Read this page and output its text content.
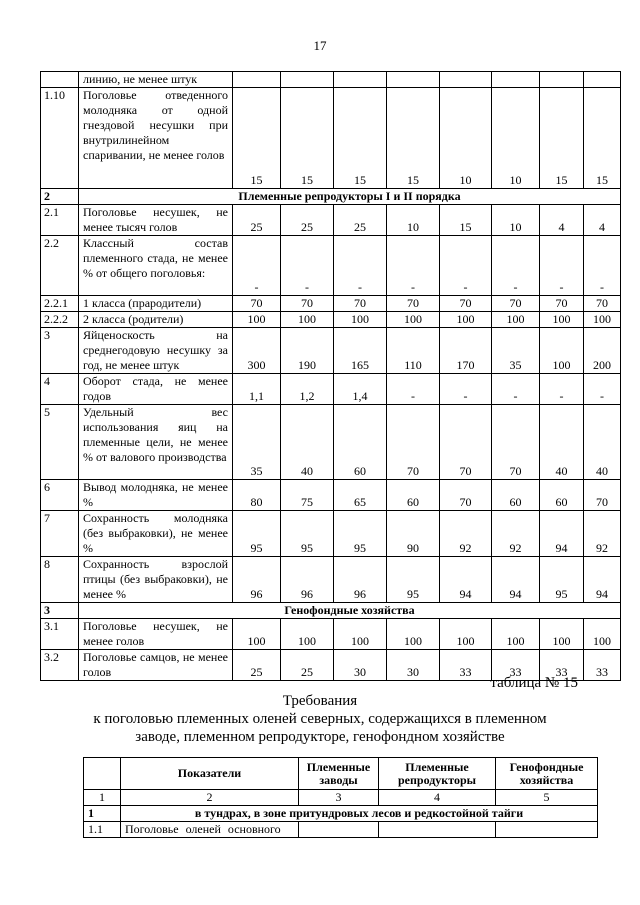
17
	линию, не менее штук								
1.10	Поголовье отведенного молодняка от одной гнездовой несушки при внутрилинейном спаривании, не менее голов	15	15	15	15	10	10	15	15
2	Племенные репродукторы I и II порядка								
2.1	Поголовье несушек, не менее тысяч голов	25	25	25	10	15	10	4	4
2.2	Классный состав племенного стада, не менее % от общего поголовья:	-	-	-	-	-	-	-	-
2.2.1	1 класса (прародители)	70	70	70	70	70	70	70	70
2.2.2	2 класса (родители)	100	100	100	100	100	100	100	100
3	Яйценоскость на среднегодовую несушку за год, не менее штук	300	190	165	110	170	35	100	200
4	Оборот стада, не менее годов	1,1	1,2	1,4	-	-	-	-	-
5	Удельный вес использования яиц на племенные цели, не менее % от валового производства	35	40	60	70	70	70	40	40
6	Вывод молодняка, не менее %	80	75	65	60	70	60	60	70
7	Сохранность молодняка (без выбраковки), не менее %	95	95	95	90	92	92	94	92
8	Сохранность взрослой птицы (без выбраковки), не менее %	96	96	96	95	94	94	95	94
3	Генофондные хозяйства								
3.1	Поголовье несушек, не менее голов	100	100	100	100	100	100	100	100
3.2	Поголовье самцов, не менее голов	25	25	30	30	33	33	33	33
таблица № 15
Требования
к поголовью племенных оленей северных, содержащихся в племенном
заводе, племенном репродукторе, генофондном хозяйстве
	Показатели	Племенные заводы	Племенные репродукторы	Генофондные хозяйства
1	2	3	4	5
1	в тундрах, в зоне притундровых лесов и редкостойной тайги			
1.1	Поголовье оленей основного			
